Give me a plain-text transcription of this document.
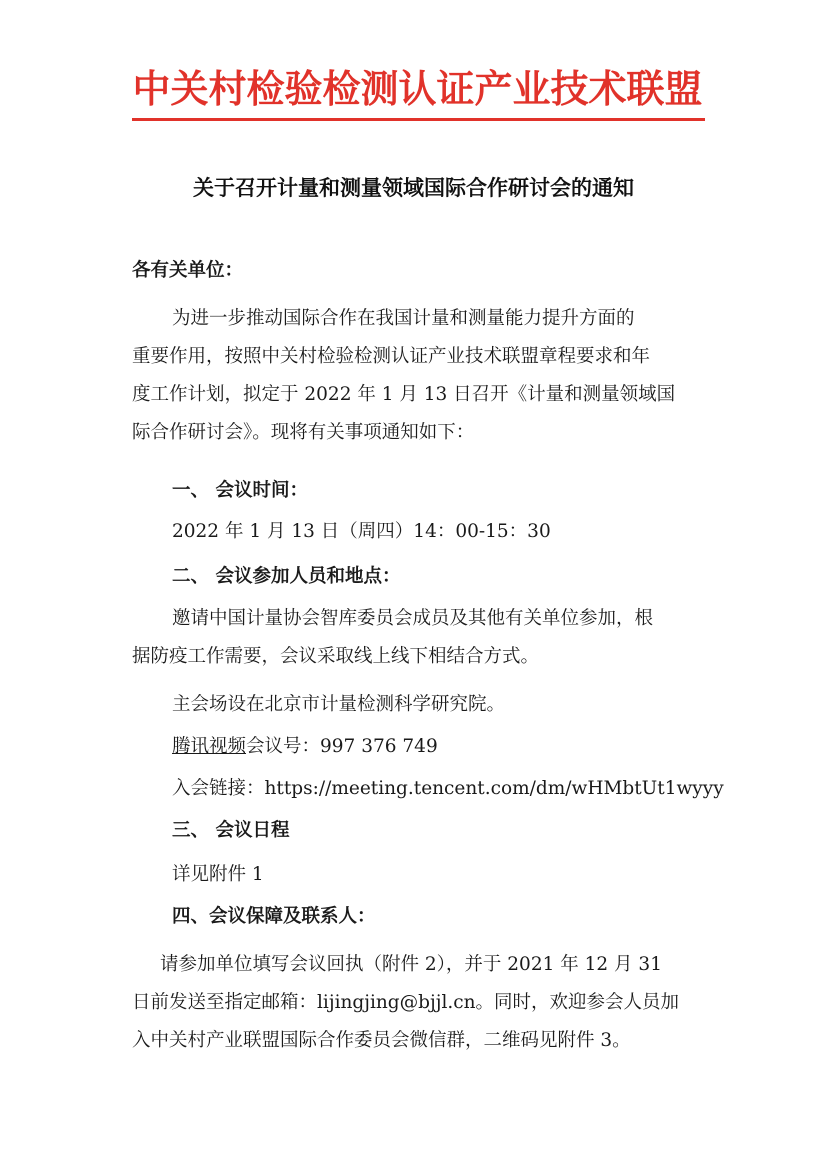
中关村检验检测认证产业技术联盟
关于召开计量和测量领域国际合作研讨会的通知
各有关单位：
为进一步推动国际合作在我国计量和测量能力提升方面的
重要作用，按照中关村检验检测认证产业技术联盟章程要求和年
度工作计划，拟定于 2022 年 1 月 13 日召开《计量和测量领域国
际合作研讨会》。现将有关事项通知如下：
一、 会议时间：
2022 年 1 月 13 日（周四）14：00-15：30
二、 会议参加人员和地点：
邀请中国计量协会智库委员会成员及其他有关单位参加，根
据防疫工作需要，会议采取线上线下相结合方式。
主会场设在北京市计量检测科学研究院。
腾讯视频会议号：997 376 749
入会链接：https://meeting.tencent.com/dm/wHMbtUt1wyyy
三、 会议日程
详见附件 1
四、会议保障及联系人：
请参加单位填写会议回执（附件 2），并于 2021 年 12 月 31
日前发送至指定邮箱：lijingjing@bjjl.cn。同时，欢迎参会人员加
入中关村产业联盟国际合作委员会微信群，二维码见附件 3。
